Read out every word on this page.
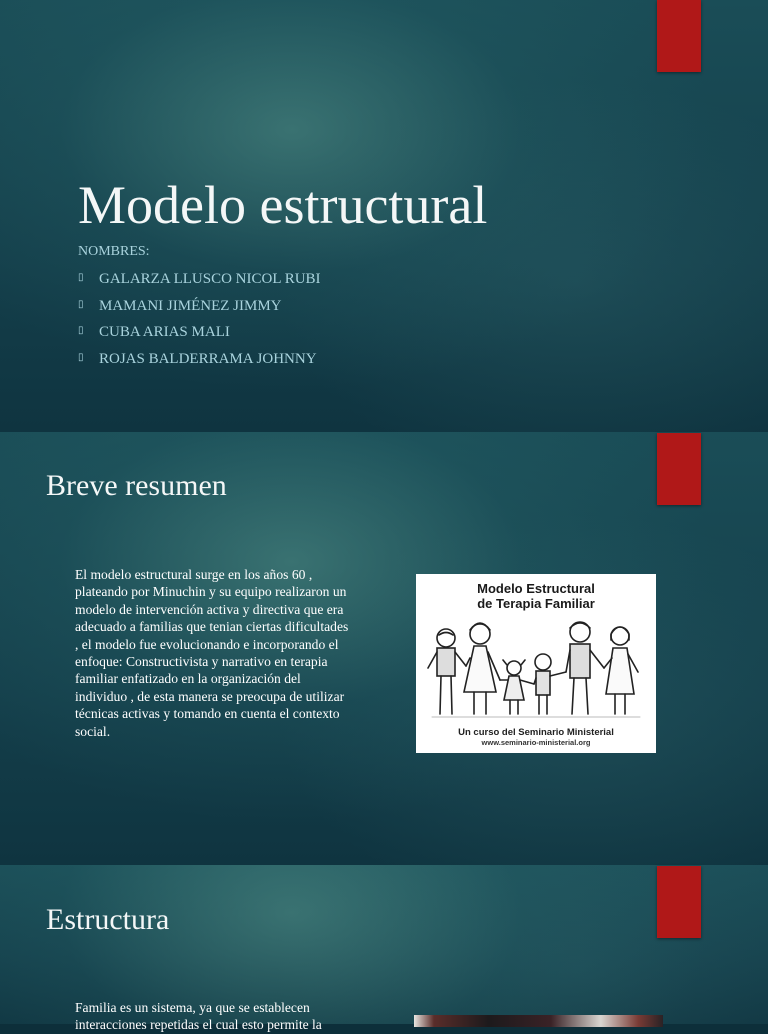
Modelo estructural
NOMBRES:
▯ GALARZA LLUSCO NICOL RUBI
▯ MAMANI JIMÉNEZ JIMMY
▯ CUBA ARIAS MALI
▯ ROJAS BALDERRAMA JOHNNY
Breve resumen

El modelo estructural surge en los años 60 , plateando por Minuchin y su equipo realizaron un modelo de intervención activa y directiva que era adecuado a familias que tenian ciertas dificultades , el modelo fue evolucionando e incorporando el enfoque: Constructivista y narrativo en terapia familiar enfatizado en la organización del individuo , de esta manera se preocupa de utilizar técnicas activas y tomando en cuenta el contexto social.

Modelo Estructural
de Terapia Familiar
Un curso del Seminario Ministerial
www.seminario-ministerial.org
Estructura

Familia es un sistema, ya que se establecen interacciones repetidas el cual esto permite la
